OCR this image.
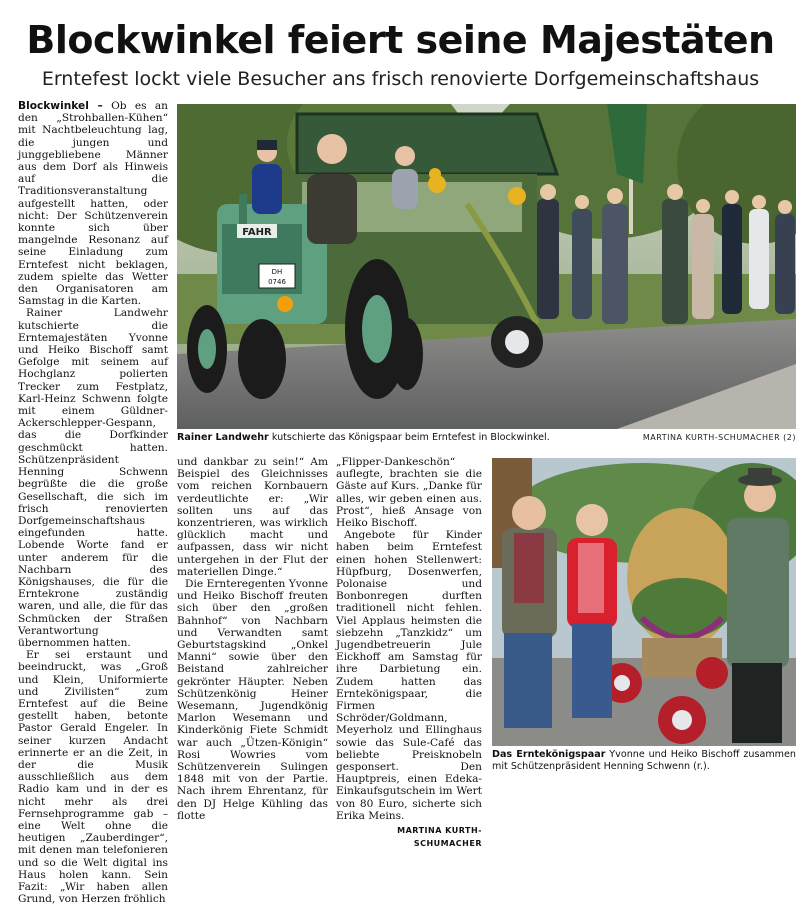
Blockwinkel feiert seine Majestäten
Erntefest lockt viele Besucher ans frisch renovierte Dorfgemeinschaftshaus

Blockwinkel – Ob es an den „Strohballen-Kühen“ mit Nachtbeleuchtung lag, die jungen und junggebliebene Männer aus dem Dorf als Hinweis auf die Traditionsveranstaltung aufgestellt hatten, oder nicht: Der Schützenverein konnte sich über mangelnde Resonanz auf seine Einladung zum Erntefest nicht beklagen, zudem spielte das Wetter den Organisatoren am Samstag in die Karten.

Rainer Landwehr kutschierte die Erntemajestäten Yvonne und Heiko Bischoff samt Gefolge mit seinem auf Hochglanz polierten Trecker zum Festplatz, Karl-Heinz Schwenn folgte mit einem Güldner-Ackerschlepper-Gespann, das die Dorfkinder geschmückt hatten. Schützenpräsident Henning Schwenn begrüßte die die große Gesellschaft, die sich im frisch renovierten Dorfgemeinschaftshaus eingefunden hatte. Lobende Worte fand er unter anderem für die Nachbarn des Königshauses, die für die Erntekrone zuständig waren, und alle, die für das Schmücken der Straßen Verantwortung übernommen hatten.

Er sei erstaunt und beeindruckt, was „Groß und Klein, Uniformierte und Zivilisten“ zum Erntefest auf die Beine gestellt haben, betonte Pastor Gerald Engeler. In seiner kurzen Andacht erinnerte er an die Zeit, in der die Musik ausschließlich aus dem Radio kam und in der es nicht mehr als drei Fernsehprogramme gab – eine Welt ohne die heutigen „Zauberdinger“, mit denen man telefonieren und so die Welt digital ins Haus holen kann. Sein Fazit: „Wir haben allen Grund, von Herzen fröhlich

FAHR
DH
0746
Rainer Landwehr kutschierte das Königspaar beim Erntefest in Blockwinkel.	MARTINA KURTH-SCHUMACHER (2)

und dankbar zu sein!“ Am Beispiel des Gleichnisses vom reichen Kornbauern verdeutlichte er: „Wir sollten uns auf das konzentrieren, was wirklich glücklich macht und aufpassen, dass wir nicht untergehen in der Flut der materiellen Dinge.“

Die Ernteregenten Yvonne und Heiko Bischoff freuten sich über den „großen Bahnhof“ von Nachbarn und Verwandten samt Geburtstagskind „Onkel Manni“ sowie über den Beistand zahlreicher gekrönter Häupter. Neben Schützenkönig Heiner Wesemann, Jugendkönig Marlon Wesemann und Kinderkönig Fiete Schmidt war auch „Ützen-Königin“ Rosi Wowries vom Schützenverein Sulingen 1848 mit von der Partie. Nach ihrem Ehrentanz, für den DJ Helge Kühling das flotte

„Flipper-Dankeschön“ auflegte, brachten sie die Gäste auf Kurs. „Danke für alles, wir geben einen aus. Prost“, hieß Ansage von Heiko Bischoff.

Angebote für Kinder haben beim Erntefest einen hohen Stellenwert: Hüpfburg, Dosenwerfen, Polonaise und Bonbonregen durften traditionell nicht fehlen. Viel Applaus heimsten die siebzehn „Tanzkidz“ um Jugendbetreuerin Jule Eickhoff am Samstag für ihre Darbietung ein. Zudem hatten das Erntekönigspaar, die Firmen Schröder/Goldmann, Meyerholz und Ellinghaus sowie das Sule-Café das beliebte Preisknobeln gesponsert. Den Hauptpreis, einen Edeka-Einkaufsgutschein im Wert von 80 Euro, sicherte sich Erika Meins.

MARTINA KURTH-SCHUMACHER

Das Erntekönigspaar Yvonne und Heiko Bischoff zusammen mit Schützenpräsident Henning Schwenn (r.).
